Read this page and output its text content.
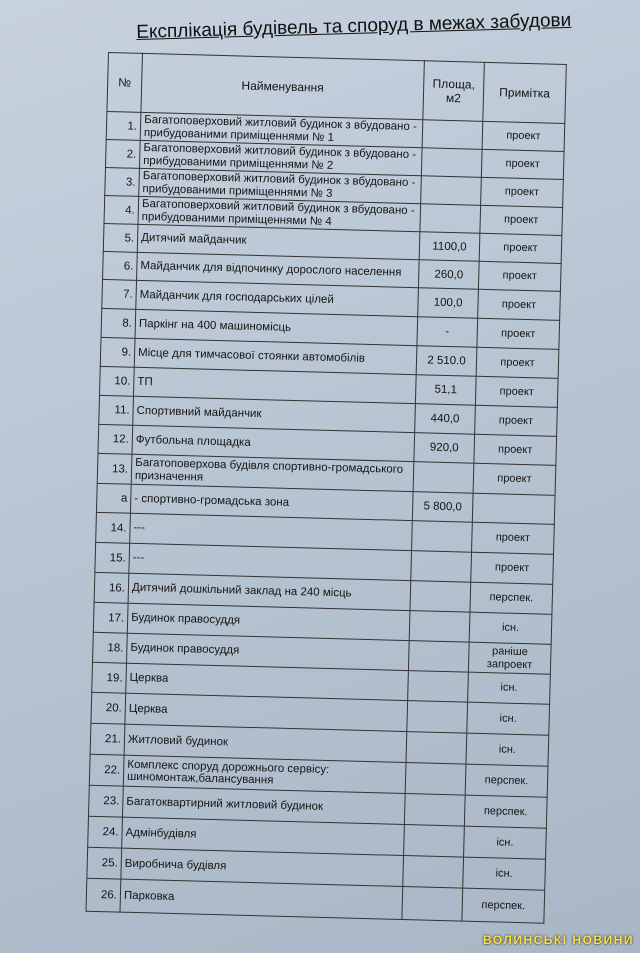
Експлікація будівель та споруд в межах забудови
№	Найменування	Площа, м2	Примітка
1.	Багатоповерховий житловий будинок з вбудовано - прибудованими приміщеннями № 1		проект
2.	Багатоповерховий житловий будинок з вбудовано - прибудованими приміщеннями № 2		проект
3.	Багатоповерховий житловий будинок з вбудовано - прибудованими приміщеннями № 3		проект
4.	Багатоповерховий житловий будинок з вбудовано - прибудованими приміщеннями № 4		проект
5.	Дитячий майданчик	1100,0	проект
6.	Майданчик для відпочинку дорослого населення	260,0	проект
7.	Майданчик для господарських цілей	100,0	проект
8.	Паркінг на 400 машиномісць	-	проект
9.	Місце для тимчасової стоянки автомобілів	2 510.0	проект
10.	ТП	51,1	проект
11.	Спортивний майданчик	440,0	проект
12.	Футбольна площадка	920,0	проект
13.	Багатоповерхова будівля спортивно-громадського призначення		проект
а	- спортивно-громадська зона	5 800,0	
14.	---		проект
15.	---		проект
16.	Дитячий дошкільний заклад на 240 місць		перспек.
17.	Будинок правосуддя		існ.
18.	Будинок правосуддя		раніше запроект
19.	Церква		існ.
20.	Церква		існ.
21.	Житловий будинок		існ.
22.	Комплекс споруд дорожнього сервісу: шиномонтаж,балансування		перспек.
23.	Багатоквартирний житловий будинок		перспек.
24.	Адмінбудівля		існ.
25.	Виробнича будівля		існ.
26.	Парковка		перспек.
ВОЛИНСЬКІ НОВИНИ
